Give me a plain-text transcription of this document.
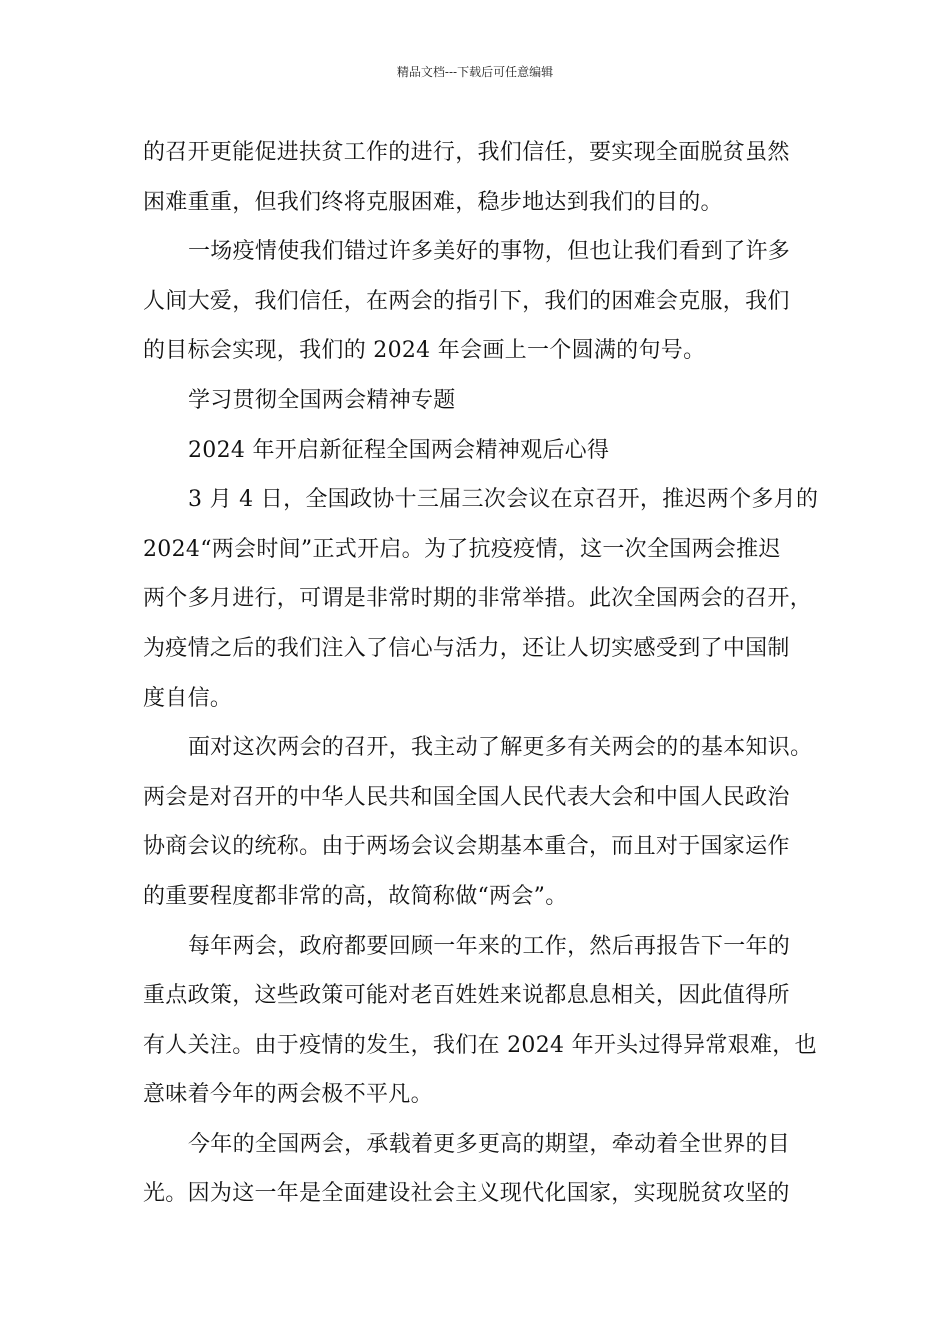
精品文档---下载后可任意编辑
的召开更能促进扶贫工作的进行，我们信任，要实现全面脱贫虽然
困难重重，但我们终将克服困难，稳步地达到我们的目的。
一场疫情使我们错过许多美好的事物，但也让我们看到了许多
人间大爱，我们信任，在两会的指引下，我们的困难会克服，我们
的目标会实现，我们的 2024 年会画上一个圆满的句号。
学习贯彻全国两会精神专题
2024 年开启新征程全国两会精神观后心得
3 月 4 日，全国政协十三届三次会议在京召开，推迟两个多月的
2024“两会时间”正式开启。为了抗疫疫情，这一次全国两会推迟
两个多月进行，可谓是非常时期的非常举措。此次全国两会的召开，
为疫情之后的我们注入了信心与活力，还让人切实感受到了中国制
度自信。
面对这次两会的召开，我主动了解更多有关两会的的基本知识。
两会是对召开的中华人民共和国全国人民代表大会和中国人民政治
协商会议的统称。由于两场会议会期基本重合，而且对于国家运作
的重要程度都非常的高，故简称做“两会”。
每年两会，政府都要回顾一年来的工作，然后再报告下一年的
重点政策，这些政策可能对老百姓姓来说都息息相关，因此值得所
有人关注。由于疫情的发生，我们在 2024 年开头过得异常艰难，也
意味着今年的两会极不平凡。
今年的全国两会，承载着更多更高的期望，牵动着全世界的目
光。因为这一年是全面建设社会主义现代化国家，实现脱贫攻坚的
